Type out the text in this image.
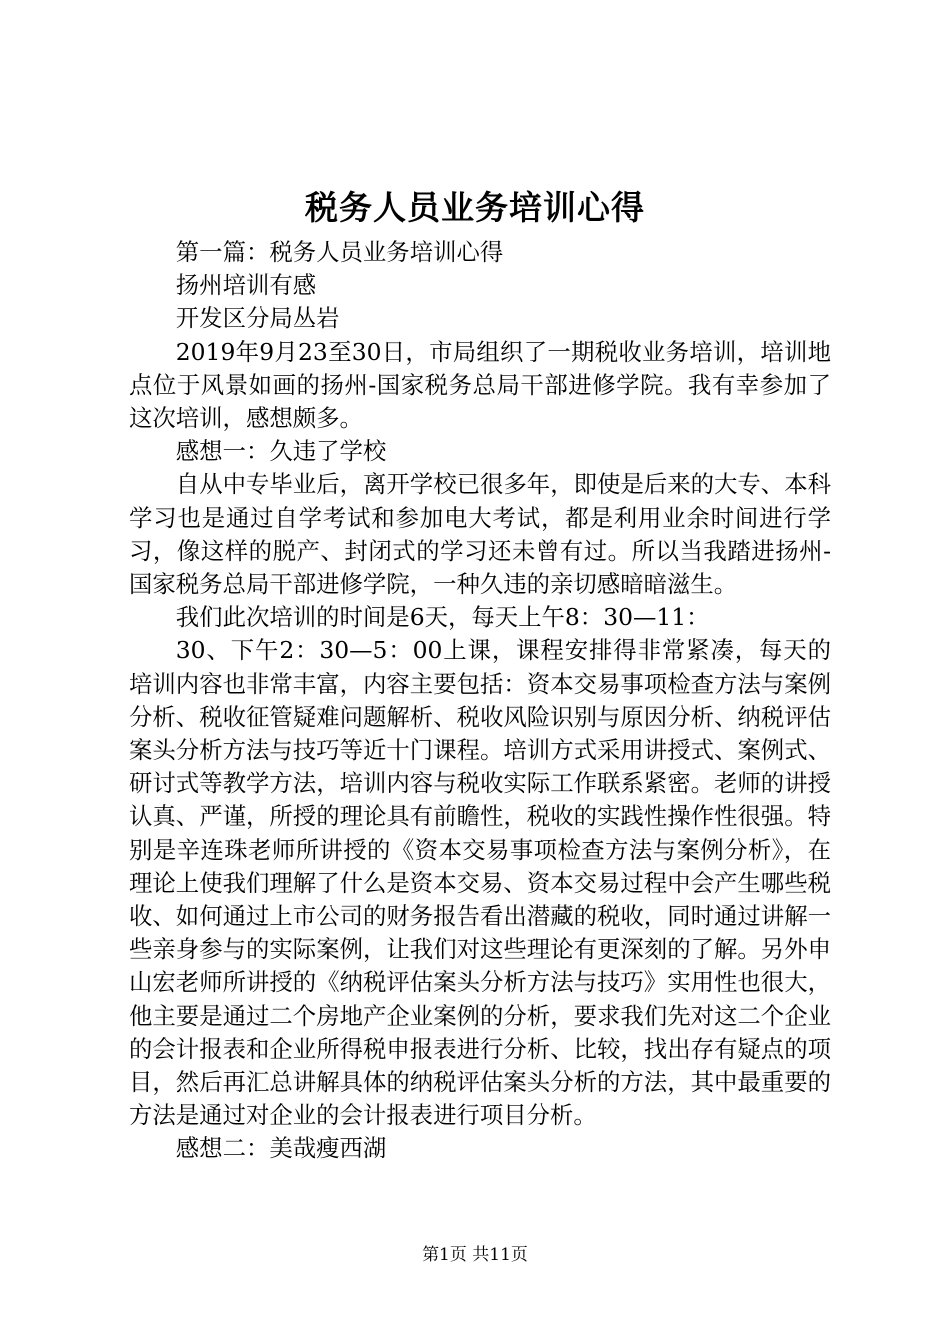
税务人员业务培训心得

第一篇：税务人员业务培训心得

扬州培训有感

开发区分局丛岩

2019年9月23至30日，市局组织了一期税收业务培训，培训地点位于风景如画的扬州-国家税务总局干部进修学院。我有幸参加了这次培训，感想颇多。

感想一：久违了学校

自从中专毕业后，离开学校已很多年，即使是后来的大专、本科学习也是通过自学考试和参加电大考试，都是利用业余时间进行学习，像这样的脱产、封闭式的学习还未曾有过。所以当我踏进扬州-国家税务总局干部进修学院，一种久违的亲切感暗暗滋生。

我们此次培训的时间是6天，每天上午8：30—11：

30、下午2：30—5：00上课，课程安排得非常紧凑，每天的培训内容也非常丰富，内容主要包括：资本交易事项检查方法与案例分析、税收征管疑难问题解析、税收风险识别与原因分析、纳税评估案头分析方法与技巧等近十门课程。培训方式采用讲授式、案例式、研讨式等教学方法，培训内容与税收实际工作联系紧密。老师的讲授认真、严谨，所授的理论具有前瞻性，税收的实践性操作性很强。特别是辛连珠老师所讲授的《资本交易事项检查方法与案例分析》，在理论上使我们理解了什么是资本交易、资本交易过程中会产生哪些税收、如何通过上市公司的财务报告看出潜藏的税收，同时通过讲解一些亲身参与的实际案例，让我们对这些理论有更深刻的了解。另外申山宏老师所讲授的《纳税评估案头分析方法与技巧》实用性也很大，他主要是通过二个房地产企业案例的分析，要求我们先对这二个企业的会计报表和企业所得税申报表进行分析、比较，找出存有疑点的项目，然后再汇总讲解具体的纳税评估案头分析的方法，其中最重要的方法是通过对企业的会计报表进行项目分析。

感想二：美哉瘦西湖

第1页 共11页
